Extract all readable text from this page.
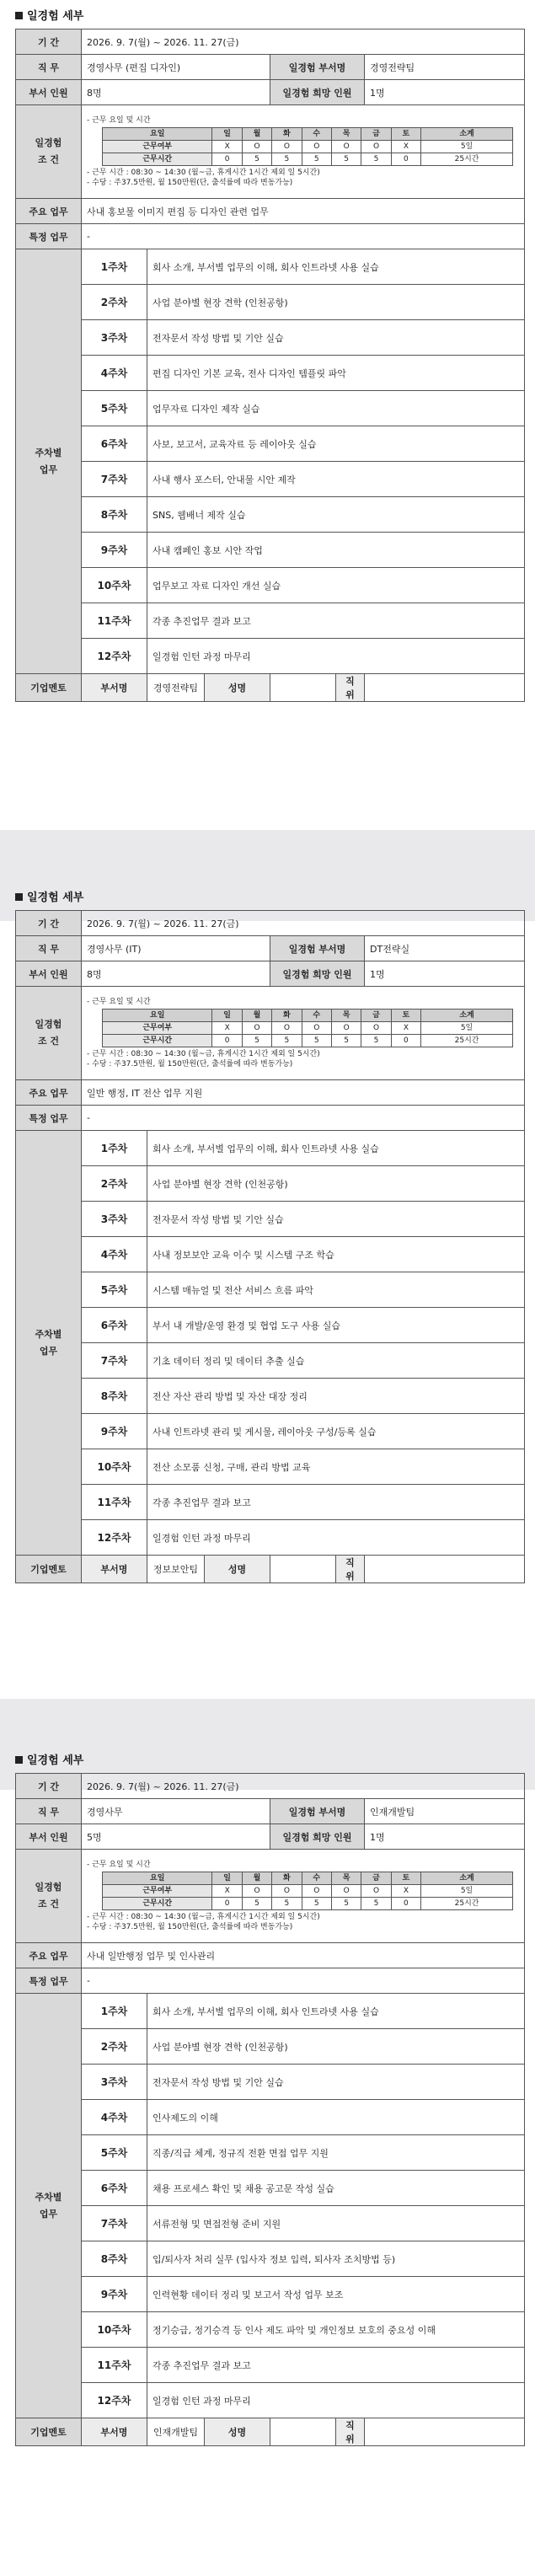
일경험 세부
기 간	2026. 9. 7(월) ~ 2026. 11. 27(금)
직 무	경영사무 (편집 디자인)	일경험 부서명	경영전략팀
부서 인원	8명	일경험 희망 인원	1명
일경험
조 건	
- 근무 요일 및 시간
요일	일	월	화	수	목	금	토	소계
근무여부	X	O	O	O	O	O	X	5일
근무시간	0	5	5	5	5	5	0	25시간
- 근무 시간 : 08:30 ~ 14:30 (월~금, 휴게시간 1시간 제외 일 5시간)
- 수당 : 주37.5만원, 월 150만원(단, 출석률에 따라 변동가능)

주요 업무	사내 홍보물 이미지 편집 등 디자인 관련 업무
특정 업무	-
주차별
업무	1주차	회사 소개, 부서별 업무의 이해, 회사 인트라넷 사용 실습
2주차	사업 분야별 현장 견학 (인천공항)
3주차	전자문서 작성 방법 및 기안 실습
4주차	편집 디자인 기본 교육, 전사 디자인 템플릿 파악
5주차	업무자료 디자인 제작 실습
6주차	사보, 보고서, 교육자료 등 레이아웃 실습
7주차	사내 행사 포스터, 안내물 시안 제작
8주차	SNS, 웹배너 제작 실습
9주차	사내 캠페인 홍보 시안 작업
10주차	업무보고 자료 디자인 개선 실습
11주차	각종 추진업무 결과 보고
12주차	일경험 인턴 과정 마무리
기업멘토	부서명	경영전략팀	성명		직위	
일경험 세부
기 간	2026. 9. 7(월) ~ 2026. 11. 27(금)
직 무	경영사무 (IT)	일경험 부서명	DT전략실
부서 인원	8명	일경험 희망 인원	1명
일경험
조 건	
- 근무 요일 및 시간
요일	일	월	화	수	목	금	토	소계
근무여부	X	O	O	O	O	O	X	5일
근무시간	0	5	5	5	5	5	0	25시간
- 근무 시간 : 08:30 ~ 14:30 (월~금, 휴게시간 1시간 제외 일 5시간)
- 수당 : 주37.5만원, 월 150만원(단, 출석률에 따라 변동가능)

주요 업무	일반 행정, IT 전산 업무 지원
특정 업무	-
주차별
업무	1주차	회사 소개, 부서별 업무의 이해, 회사 인트라넷 사용 실습
2주차	사업 분야별 현장 견학 (인천공항)
3주차	전자문서 작성 방법 및 기안 실습
4주차	사내 정보보안 교육 이수 및 시스템 구조 학습
5주차	시스템 매뉴얼 및 전산 서비스 흐름 파악
6주차	부서 내 개발/운영 환경 및 협업 도구 사용 실습
7주차	기초 데이터 정리 및 데이터 추출 실습
8주차	전산 자산 관리 방법 및 자산 대장 정리
9주차	사내 인트라넷 관리 및 게시물, 레이아웃 구성/등록 실습
10주차	전산 소모품 신청, 구매, 관리 방법 교육
11주차	각종 추진업무 결과 보고
12주차	일경험 인턴 과정 마무리
기업멘토	부서명	정보보안팀	성명		직위	
일경험 세부
기 간	2026. 9. 7(월) ~ 2026. 11. 27(금)
직 무	경영사무	일경험 부서명	인재개발팀
부서 인원	5명	일경험 희망 인원	1명
일경험
조 건	
- 근무 요일 및 시간
요일	일	월	화	수	목	금	토	소계
근무여부	X	O	O	O	O	O	X	5일
근무시간	0	5	5	5	5	5	0	25시간
- 근무 시간 : 08:30 ~ 14:30 (월~금, 휴게시간 1시간 제외 일 5시간)
- 수당 : 주37.5만원, 월 150만원(단, 출석률에 따라 변동가능)

주요 업무	사내 일반행정 업무 및 인사관리
특정 업무	-
주차별
업무	1주차	회사 소개, 부서별 업무의 이해, 회사 인트라넷 사용 실습
2주차	사업 분야별 현장 견학 (인천공항)
3주차	전자문서 작성 방법 및 기안 실습
4주차	인사제도의 이해
5주차	직종/직급 체계, 정규직 전환 면접 업무 지원
6주차	채용 프로세스 확인 및 채용 공고문 작성 실습
7주차	서류전형 및 면접전형 준비 지원
8주차	입/퇴사자 처리 실무 (입사자 정보 입력, 퇴사자 조치방법 등)
9주차	인력현황 데이터 정리 및 보고서 작성 업무 보조
10주차	정기승급, 정기승격 등 인사 제도 파악 및 개인정보 보호의 중요성 이해
11주차	각종 추진업무 결과 보고
12주차	일경험 인턴 과정 마무리
기업멘토	부서명	인재개발팀	성명		직위	
